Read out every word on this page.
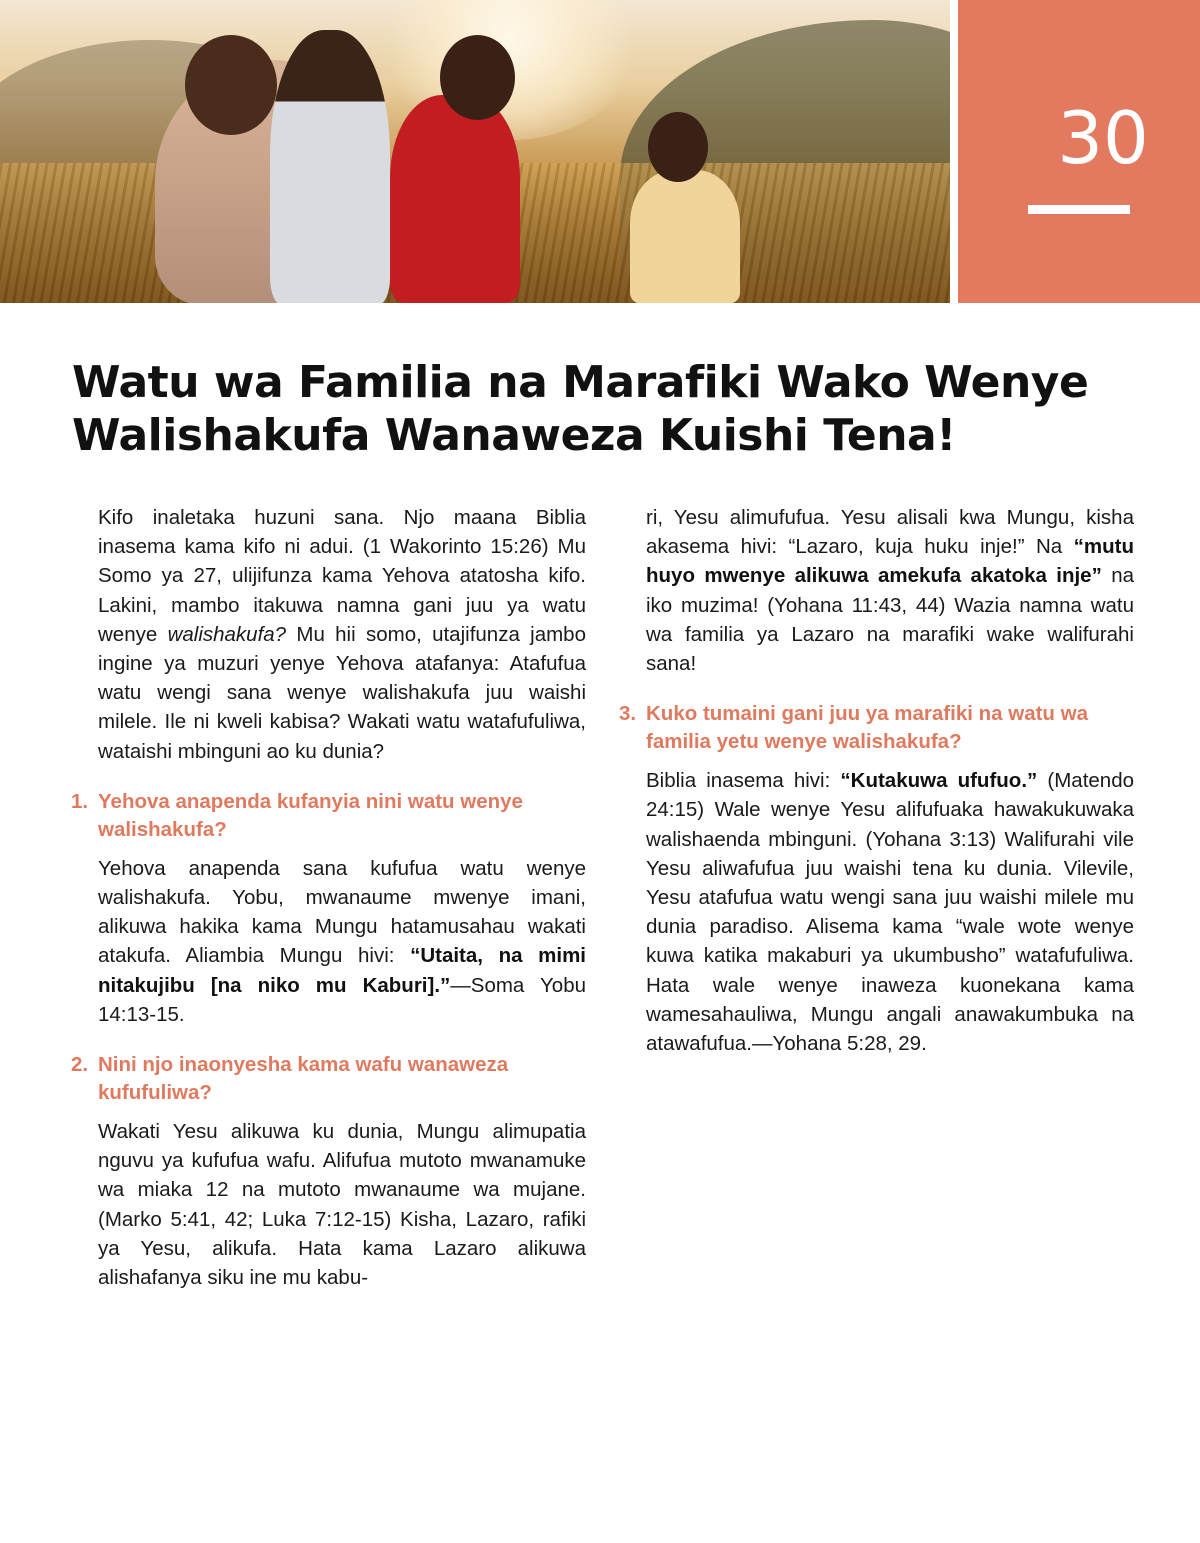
30
Watu wa Familia na Marafiki Wako Wenye Walishakufa Wanaweza Kuishi Tena!

Kifo inaletaka huzuni sana. Njo maana Biblia inasema kama kifo ni adui. (1 Wakorinto 15:26) Mu Somo ya 27, ulijifunza kama Yehova atatosha kifo. Lakini, mambo itakuwa namna gani juu ya watu wenye walishakufa? Mu hii somo, utajifunza jambo ingine ya muzuri yenye Yehova atafanya: Atafufua watu wengi sana wenye walishakufa juu waishi milele. Ile ni kweli kabisa? Wakati watu watafufuliwa, wataishi mbinguni ao ku dunia?

1. Yehova anapenda kufanyia nini watu wenye walishakufa?

Yehova anapenda sana kufufua watu wenye walishakufa. Yobu, mwanaume mwenye imani, alikuwa hakika kama Mungu hatamusahau wakati atakufa. Aliambia Mungu hivi: “Utaita, na mimi nitakujibu [na niko mu Kaburi].”—Soma Yobu 14:13-15.

2. Nini njo inaonyesha kama wafu wanaweza kufufuliwa?

Wakati Yesu alikuwa ku dunia, Mungu alimupatia nguvu ya kufufua wafu. Alifufua mutoto mwanamuke wa miaka 12 na mutoto mwanaume wa mujane. (Marko 5:41, 42; Luka 7:12-15) Kisha, Lazaro, rafiki ya Yesu, alikufa. Hata kama Lazaro alikuwa alishafanya siku ine mu kabu-

ri, Yesu alimufufua. Yesu alisali kwa Mungu, kisha akasema hivi: “Lazaro, kuja huku inje!” Na “mutu huyo mwenye alikuwa amekufa akatoka inje” na iko muzima! (Yohana 11:43, 44) Wazia namna watu wa familia ya Lazaro na marafiki wake walifurahi sana!

3. Kuko tumaini gani juu ya marafiki na watu wa familia yetu wenye walishakufa?

Biblia inasema hivi: “Kutakuwa ufufuo.” (Matendo 24:15) Wale wenye Yesu alifufuaka hawakukuwaka walishaenda mbinguni. (Yohana 3:13) Walifurahi vile Yesu aliwafufua juu waishi tena ku dunia. Vilevile, Yesu atafufua watu wengi sana juu waishi milele mu dunia paradiso. Alisema kama “wale wote wenye kuwa katika makaburi ya ukumbusho” watafufuliwa. Hata wale wenye inaweza kuonekana kama wamesahauliwa, Mungu angali anawakumbuka na atawafufua.—Yohana 5:28, 29.
